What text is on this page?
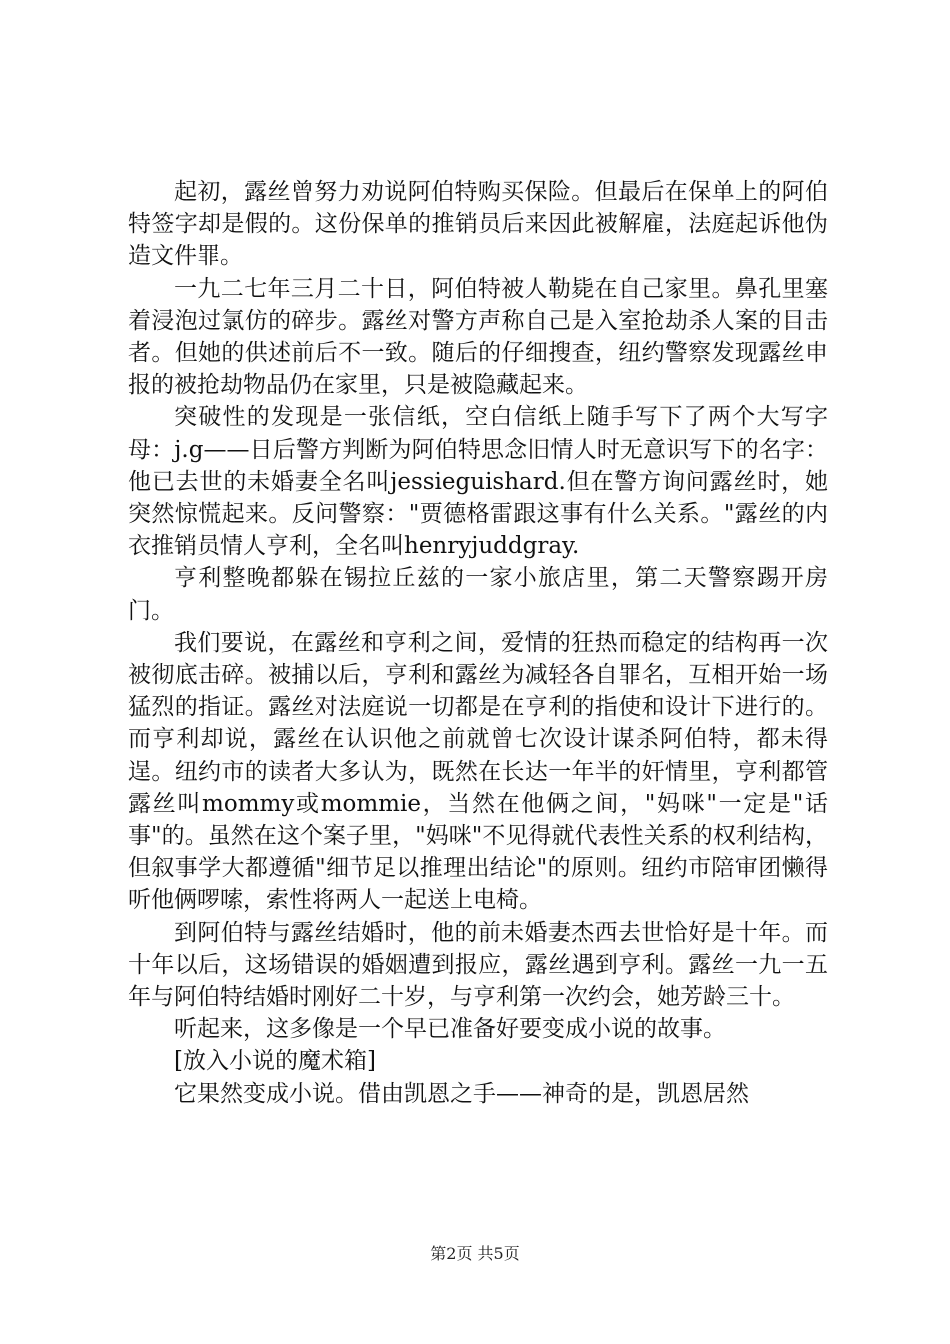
起初，露丝曾努力劝说阿伯特购买保险。但最后在保单上的阿伯特签字却是假的。这份保单的推销员后来因此被解雇，法庭起诉他伪造文件罪。

一九二七年三月二十日，阿伯特被人勒毙在自己家里。鼻孔里塞着浸泡过氯仿的碎步。露丝对警方声称自己是入室抢劫杀人案的目击者。但她的供述前后不一致。随后的仔细搜查，纽约警察发现露丝申报的被抢劫物品仍在家里，只是被隐藏起来。

突破性的发现是一张信纸，空白信纸上随手写下了两个大写字母：j.g——日后警方判断为阿伯特思念旧情人时无意识写下的名字：他已去世的未婚妻全名叫jessieguishard.但在警方询问露丝时，她突然惊慌起来。反问警察："贾德格雷跟这事有什么关系。"露丝的内衣推销员情人亨利，全名叫henryjuddgray.

亨利整晚都躲在锡拉丘兹的一家小旅店里，第二天警察踢开房门。

我们要说，在露丝和亨利之间，爱情的狂热而稳定的结构再一次被彻底击碎。被捕以后，亨利和露丝为减轻各自罪名，互相开始一场猛烈的指证。露丝对法庭说一切都是在亨利的指使和设计下进行的。而亨利却说，露丝在认识他之前就曾七次设计谋杀阿伯特，都未得逞。纽约市的读者大多认为，既然在长达一年半的奸情里，亨利都管露丝叫mommy或mommie，当然在他俩之间，"妈咪"一定是"话事"的。虽然在这个案子里，"妈咪"不见得就代表性关系的权利结构，但叙事学大都遵循"细节足以推理出结论"的原则。纽约市陪审团懒得听他俩啰嗦，索性将两人一起送上电椅。

到阿伯特与露丝结婚时，他的前未婚妻杰西去世恰好是十年。而十年以后，这场错误的婚姻遭到报应，露丝遇到亨利。露丝一九一五年与阿伯特结婚时刚好二十岁，与亨利第一次约会，她芳龄三十。

听起来，这多像是一个早已准备好要变成小说的故事。

[放入小说的魔术箱]

它果然变成小说。借由凯恩之手——神奇的是，凯恩居然

第2页 共5页
